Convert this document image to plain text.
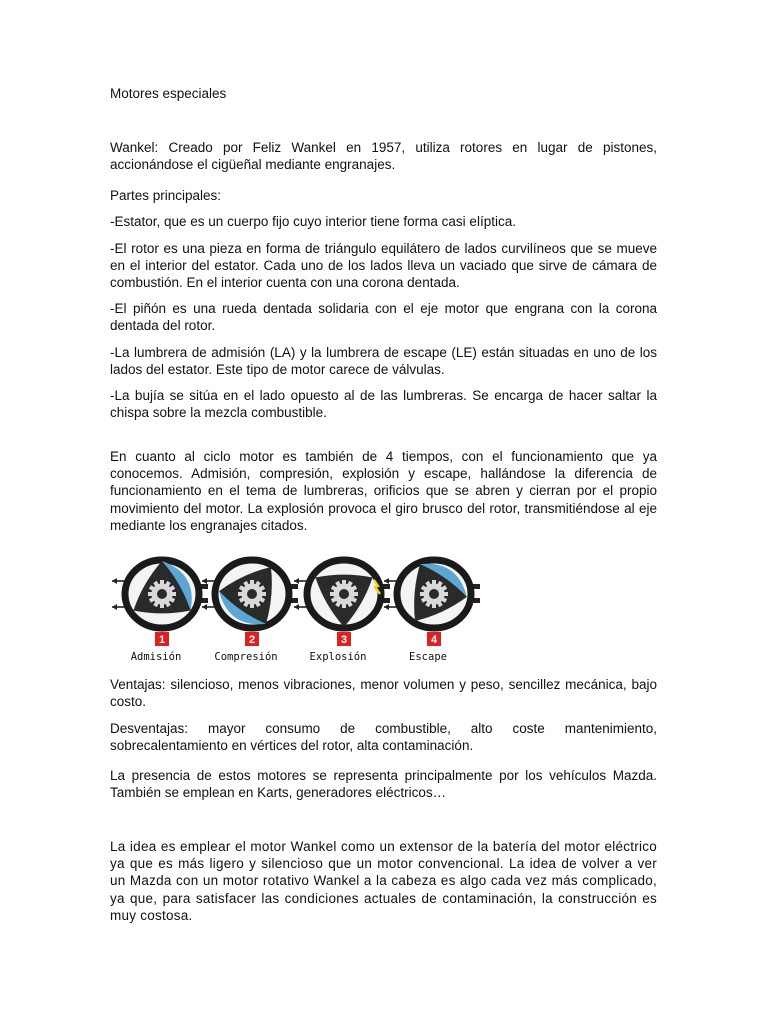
Motores especiales

Wankel: Creado por Feliz Wankel en 1957, utiliza rotores en lugar de pistones, accionándose el cigüeñal mediante engranajes.

Partes principales:

-Estator, que es un cuerpo fijo cuyo interior tiene forma casi elíptica.

-El rotor es una pieza en forma de triángulo equilátero de lados curvilíneos que se mueve en el interior del estator. Cada uno de los lados lleva un vaciado que sirve de cámara de combustión. En el interior cuenta con una corona dentada.

-El piñón es una rueda dentada solidaria con el eje motor que engrana con la corona dentada del rotor.

-La lumbrera de admisión (LA) y la lumbrera de escape (LE) están situadas en uno de los lados del estator. Este tipo de motor carece de válvulas.

-La bujía se sitúa en el lado opuesto al de las lumbreras. Se encarga de hacer saltar la chispa sobre la mezcla combustible.

En cuanto al ciclo motor es también de 4 tiempos, con el funcionamiento que ya conocemos. Admisión, compresión, explosión y escape, hallándose la diferencia de funcionamiento en el tema de lumbreras, orificios que se abren y cierran por el propio movimiento del motor. La explosión provoca el giro brusco del rotor, transmitiéndose al eje mediante los engranajes citados.

1
Admisión
2
Compresión
3
Explosión
4
Escape

Ventajas: silencioso, menos vibraciones, menor volumen y peso, sencillez mecánica, bajo costo.

Desventajas: mayor consumo de combustible, alto coste mantenimiento, sobrecalentamiento en vértices del rotor, alta contaminación.

La presencia de estos motores se representa principalmente por los vehículos Mazda. También se emplean en Karts, generadores eléctricos…

La idea es emplear el motor Wankel como un extensor de la batería del motor eléctrico ya que es más ligero y silencioso que un motor convencional. La idea de volver a ver un Mazda con un motor rotativo Wankel a la cabeza es algo cada vez más complicado, ya que, para satisfacer las condiciones actuales de contaminación, la construcción es muy costosa.
